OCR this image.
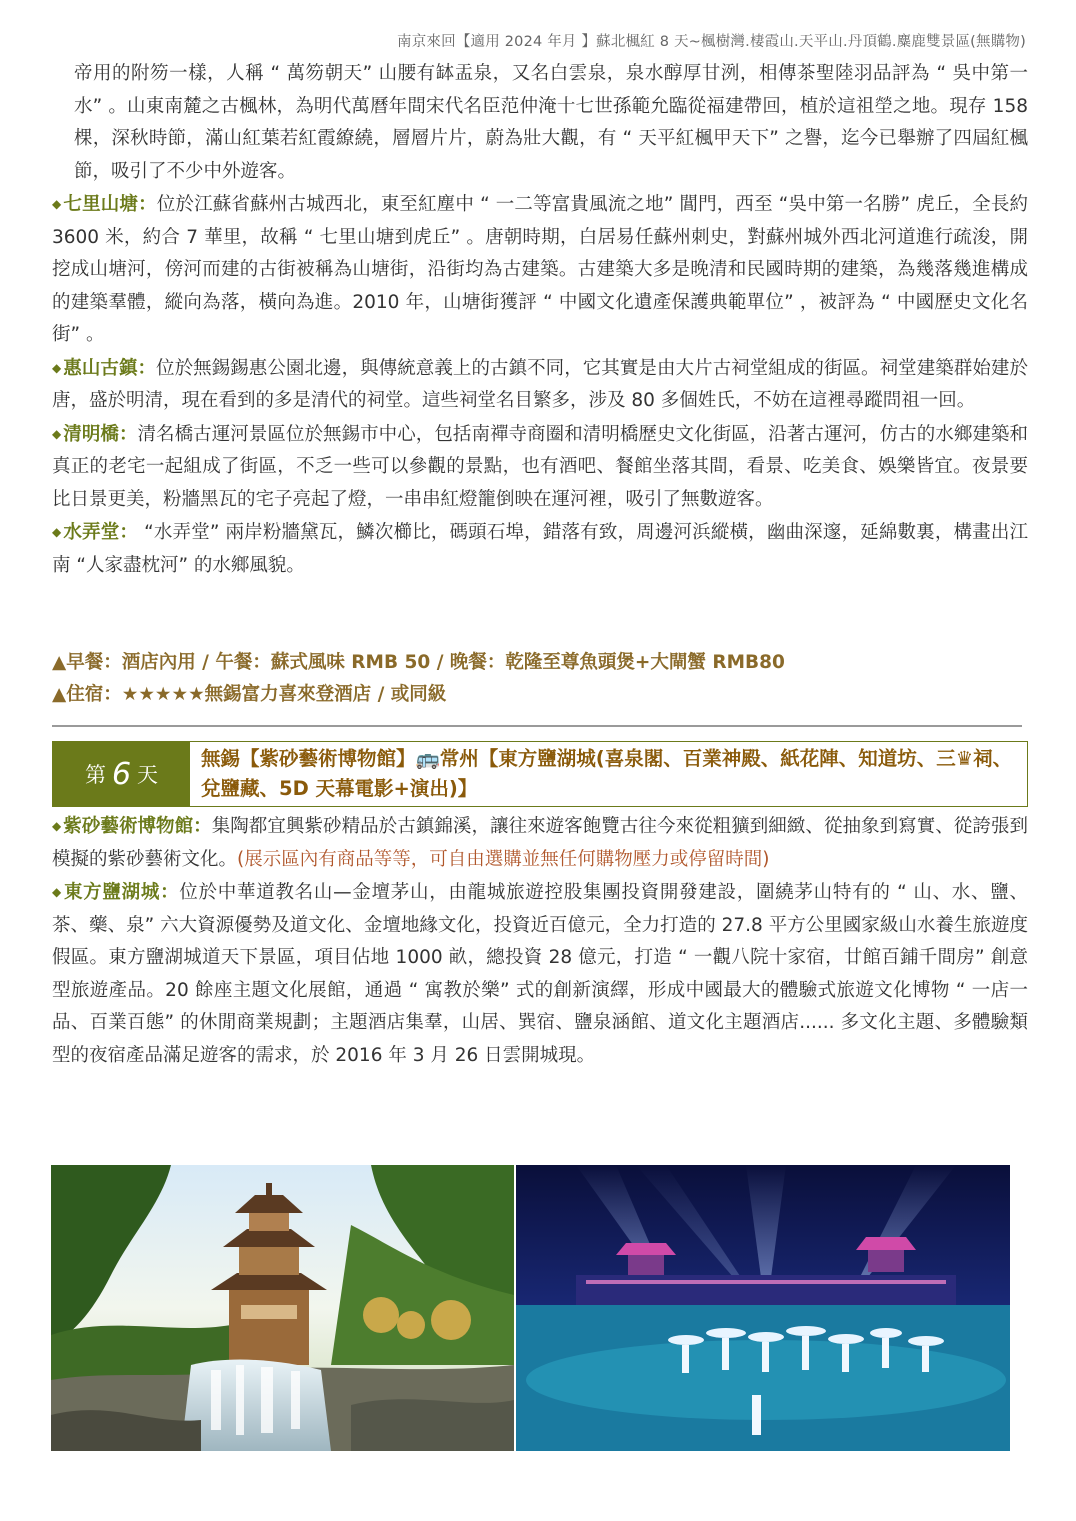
南京來回【適用 2024 年月 】蘇北楓紅 8 天~楓樹灣.棲霞山.天平山.丹頂鶴.麋鹿雙景區(無購物)
帝用的附笏一樣，人稱 “ 萬笏朝天” 山腰有缽盂泉，又名白雲泉，泉水醇厚甘洌，相傳茶聖陸羽品評為 “ 吳中第一水” 。山東南麓之古楓林，為明代萬曆年間宋代名臣范仲淹十七世孫範允臨從福建帶回，植於這祖塋之地。現存 158 棵，深秋時節，滿山紅葉若紅霞繚繞，層層片片，蔚為壯大觀，有 “ 天平紅楓甲天下” 之譽，迄今已舉辦了四屆紅楓節，吸引了不少中外遊客。
◆ 七里山塘：位於江蘇省蘇州古城西北，東至紅塵中 “ 一二等富貴風流之地” 閶門，西至 “吳中第一名勝” 虎丘，全長約 3600 米，約合 7 華里，故稱 “ 七里山塘到虎丘” 。唐朝時期，白居易任蘇州刺史，對蘇州城外西北河道進行疏浚，開挖成山塘河，傍河而建的古街被稱為山塘街，沿街均為古建築。古建築大多是晚清和民國時期的建築，為幾落幾進構成的建築羣體，縱向為落，橫向為進。2010 年，山塘街獲評 “ 中國文化遺產保護典範單位” ，被評為 “ 中國歷史文化名街” 。
◆ 惠山古鎮：位於無錫錫惠公園北邊，與傳統意義上的古鎮不同，它其實是由大片古祠堂組成的街區。祠堂建築群始建於唐，盛於明清，現在看到的多是清代的祠堂。這些祠堂名目繁多，涉及 80 多個姓氏，不妨在這裡尋蹤問祖一回。
◆ 清明橋：清名橋古運河景區位於無錫市中心，包括南禪寺商圈和清明橋歷史文化街區，沿著古運河，仿古的水鄉建築和真正的老宅一起組成了街區，不乏一些可以參觀的景點，也有酒吧、餐館坐落其間，看景、吃美食、娛樂皆宜。夜景要比日景更美，粉牆黑瓦的宅子亮起了燈，一串串紅燈籠倒映在運河裡，吸引了無數遊客。
◆ 水弄堂： “水弄堂” 兩岸粉牆黛瓦，鱗次櫛比，碼頭石埠，錯落有致，周邊河浜縱橫，幽曲深邃，延綿數裏，構畫出江南 “人家盡枕河” 的水鄉風貌。
▲早餐：酒店內用 / 午餐：蘇式風味 RMB 50 / 晚餐：乾隆至尊魚頭煲+大閘蟹 RMB80
▲住宿：★★★★★無錫富力喜來登酒店 / 或同級
第 6 天
無錫【紫砂藝術博物館】🚌常州【東方鹽湖城(喜泉閣、百業神殿、紙花陣、知道坊、三♛祠、兌鹽藏、5D 天幕電影+演出)】
◆ 紫砂藝術博物館：集陶都宜興紫砂精品於古鎮錦溪，讓往來遊客飽覽古往今來從粗獷到細緻、從抽象到寫實、從誇張到模擬的紫砂藝術文化。(展示區內有商品等等，可自由選購並無任何購物壓力或停留時間)
◆ 東方鹽湖城：位於中華道教名山—金壇茅山，由龍城旅遊控股集團投資開發建設，圍繞茅山特有的 “ 山、水、鹽、 茶、藥、泉” 六大資源優勢及道文化、金壇地緣文化，投資近百億元，全力打造的 27.8 平方公里國家級山水養生旅遊度假區。東方鹽湖城道天下景區，項目佔地 1000 畝，總投資 28 億元，打造 “ 一觀八院十家宿，廿館百鋪千間房” 創意型旅遊產品。20 餘座主題文化展館，通過 “ 寓教於樂” 式的創新演繹，形成中國最大的體驗式旅遊文化博物 “ 一店一品、百業百態” 的休閒商業規劃；主題酒店集羣，山居、巽宿、鹽泉涵館、道文化主題酒店...... 多文化主題、多體驗類型的夜宿產品滿足遊客的需求，於 2016 年 3 月 26 日雲開城現。
